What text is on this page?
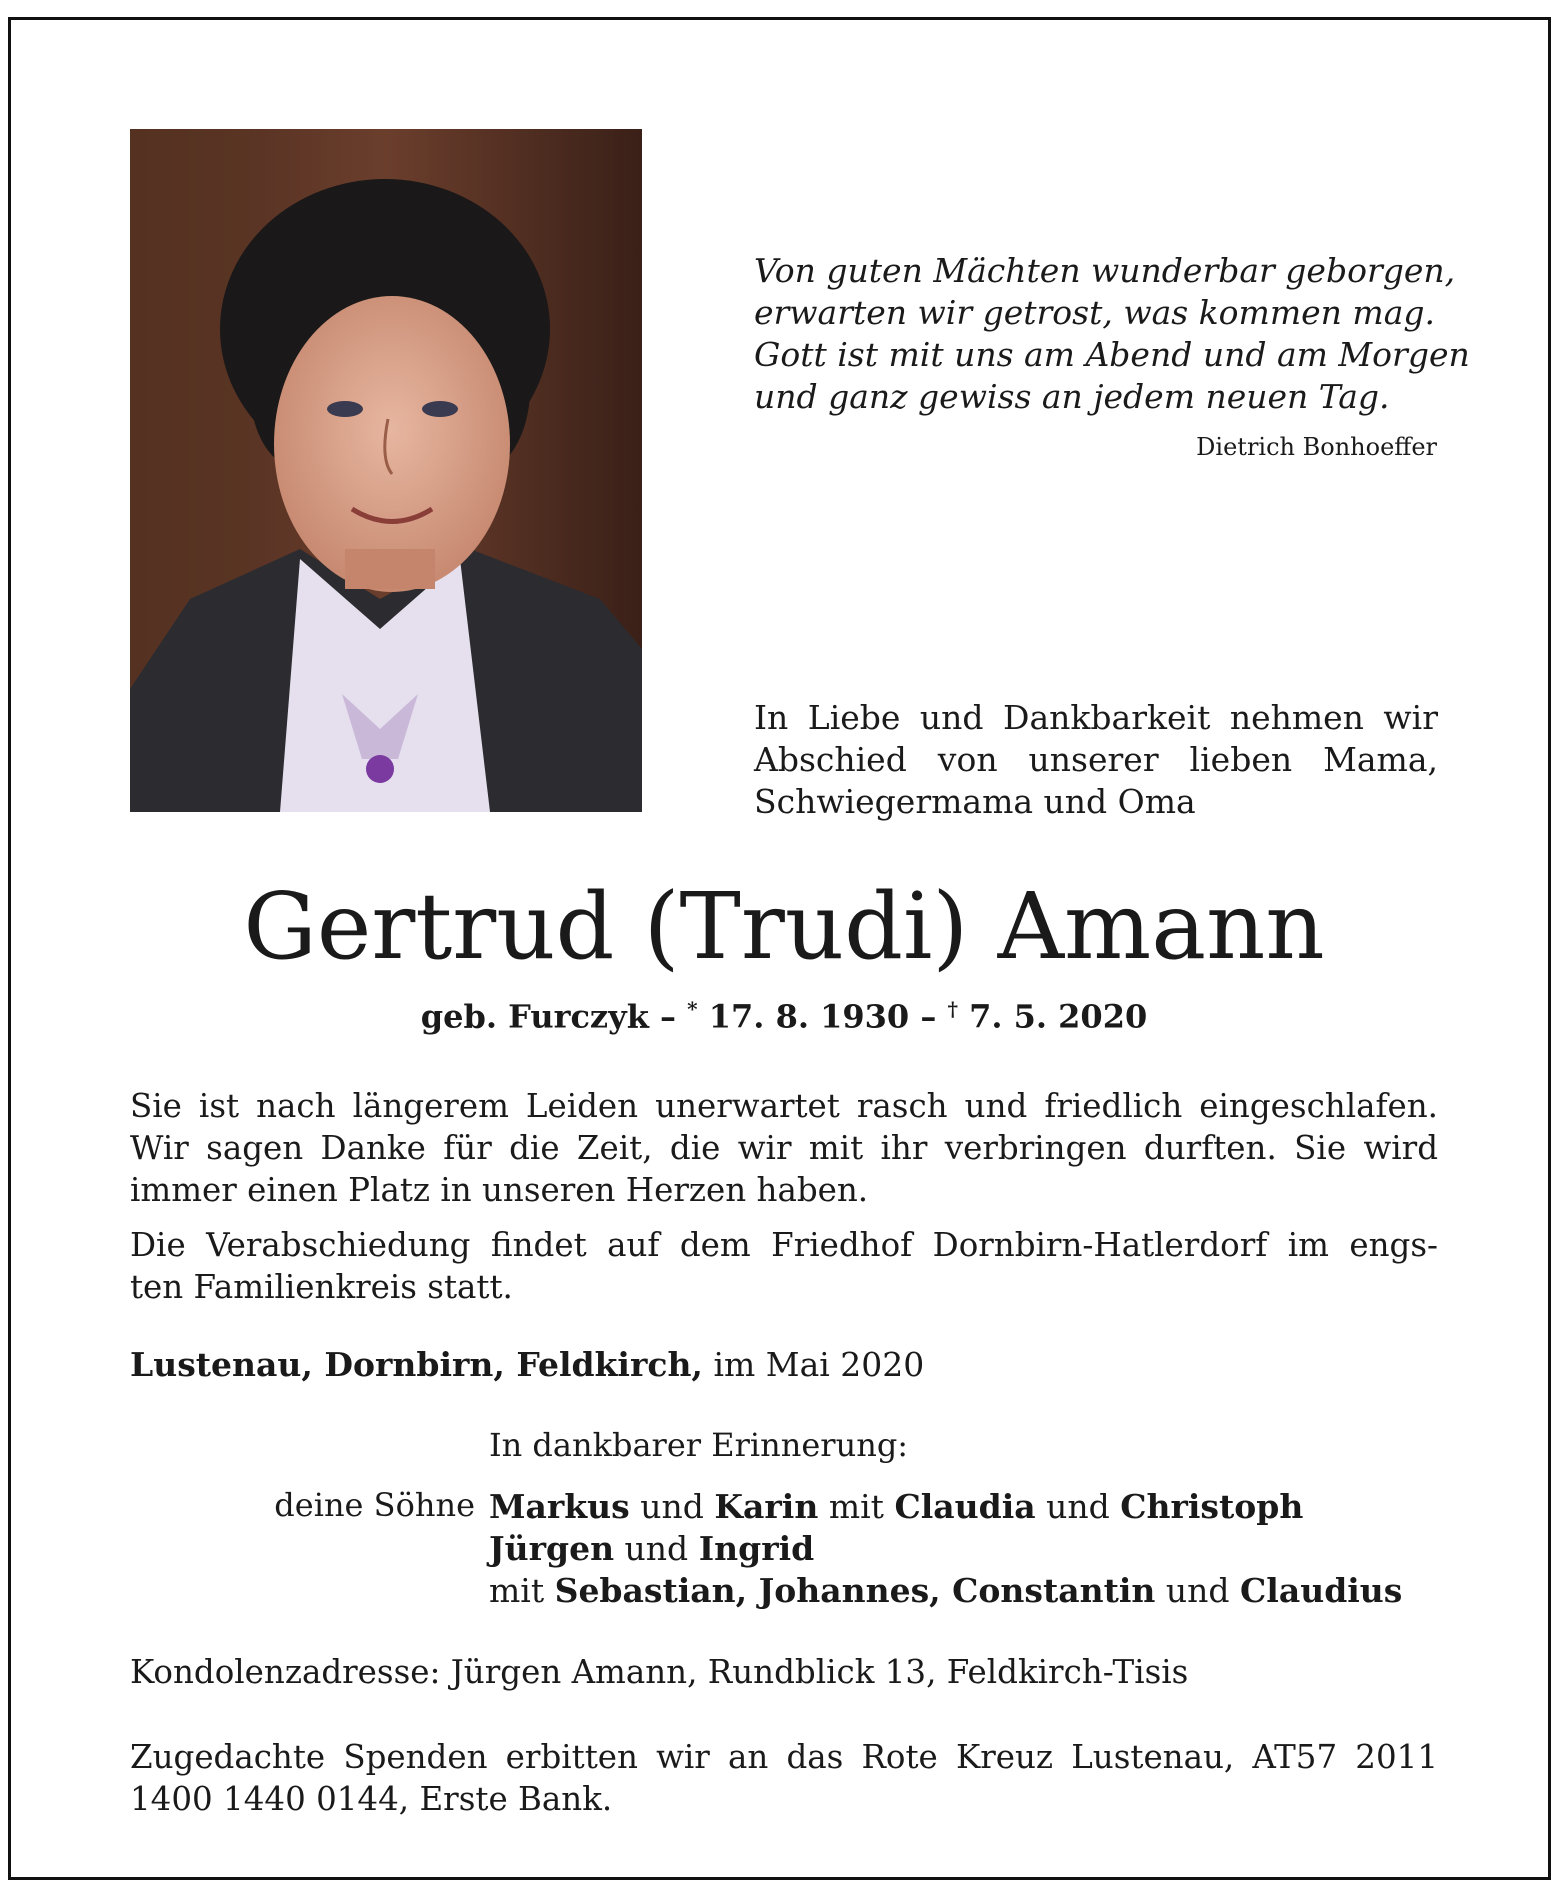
Von guten Mächten wunderbar geborgen,

erwarten wir getrost, was kommen mag.

Gott ist mit uns am Abend und am Morgen

und ganz gewiss an jedem neuen Tag.

Dietrich Bonhoeffer

In Liebe und Dankbarkeit nehmen wir

Abschied von unserer lieben Mama,

Schwiegermama und Oma

Gertrud (Trudi) Amann
geb. Furczyk – * 17. 8. 1930 – † 7. 5. 2020

Sie ist nach längerem Leiden unerwartet rasch und friedlich eingeschlafen.

Wir sagen Danke für die Zeit, die wir mit ihr verbringen durften. Sie wird

immer einen Platz in unseren Herzen haben.

Die Verabschiedung findet auf dem Friedhof Dornbirn-Hatlerdorf im engs-

ten Familienkreis statt.

Lustenau, Dornbirn, Feldkirch, im Mai 2020
In dankbarer Erinnerung:
deine Söhne Markus und Karin mit Claudia und Christoph

Jürgen und Ingrid

mit Sebastian, Johannes, Constantin und Claudius

Kondolenzadresse: Jürgen Amann, Rundblick 13, Feldkirch-Tisis

Zugedachte Spenden erbitten wir an das Rote Kreuz Lustenau, AT57 2011

1400 1440 0144, Erste Bank.
